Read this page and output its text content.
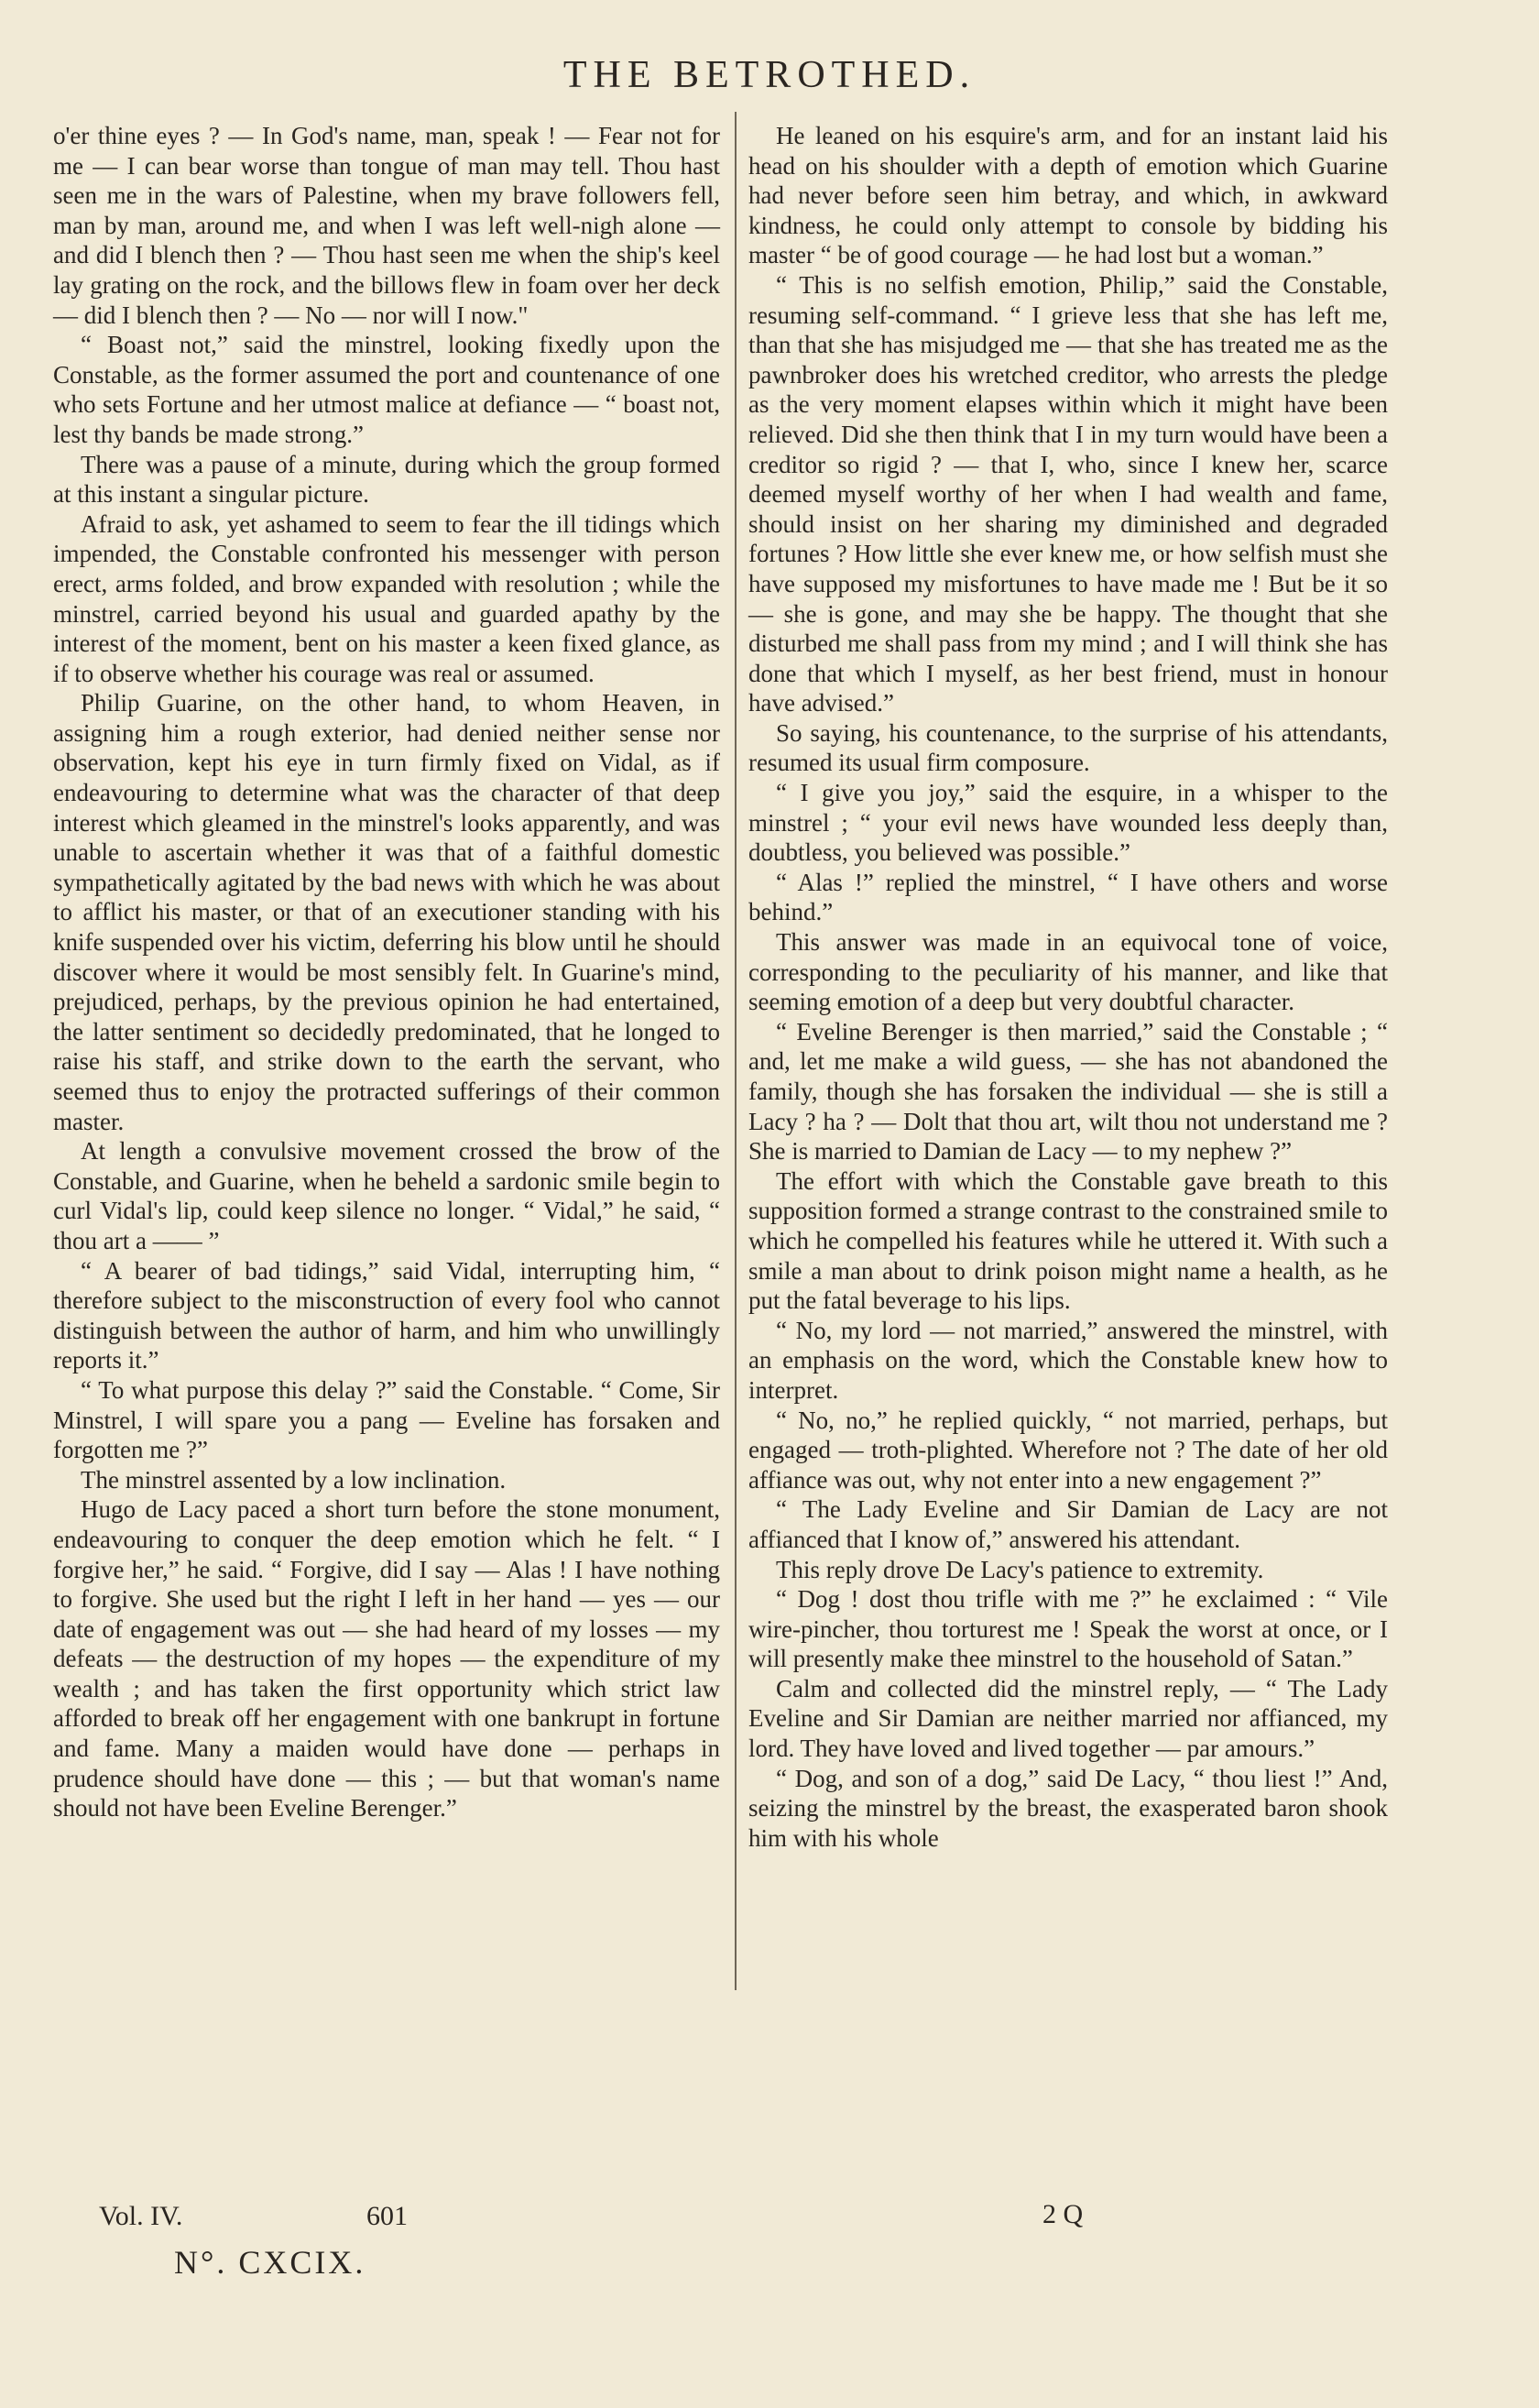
THE BETROTHED.

o'er thine eyes ? — In God's name, man, speak ! — Fear not for me — I can bear worse than tongue of man may tell. Thou hast seen me in the wars of Palestine, when my brave followers fell, man by man, around me, and when I was left well-nigh alone — and did I blench then ? — Thou hast seen me when the ship's keel lay grating on the rock, and the billows flew in foam over her deck — did I blench then ? — No — nor will I now."

“ Boast not,” said the minstrel, looking fixedly upon the Constable, as the former assumed the port and countenance of one who sets Fortune and her utmost malice at defiance — “ boast not, lest thy bands be made strong.”

There was a pause of a minute, during which the group formed at this instant a singular picture.

Afraid to ask, yet ashamed to seem to fear the ill tidings which impended, the Constable confronted his messenger with person erect, arms folded, and brow expanded with resolution ; while the minstrel, carried beyond his usual and guarded apathy by the interest of the moment, bent on his master a keen fixed glance, as if to observe whether his courage was real or assumed.

Philip Guarine, on the other hand, to whom Heaven, in assigning him a rough exterior, had denied neither sense nor observation, kept his eye in turn firmly fixed on Vidal, as if endeavouring to determine what was the character of that deep interest which gleamed in the minstrel's looks apparently, and was unable to ascertain whether it was that of a faithful domestic sympathetically agitated by the bad news with which he was about to afflict his master, or that of an executioner standing with his knife suspended over his victim, deferring his blow until he should discover where it would be most sensibly felt. In Guarine's mind, prejudiced, perhaps, by the previous opinion he had entertained, the latter sentiment so decidedly predominated, that he longed to raise his staff, and strike down to the earth the servant, who seemed thus to enjoy the protracted sufferings of their common master.

At length a convulsive movement crossed the brow of the Constable, and Guarine, when he beheld a sardonic smile begin to curl Vidal's lip, could keep silence no longer. “ Vidal,” he said, “ thou art a —— ”

“ A bearer of bad tidings,” said Vidal, interrupting him, “ therefore subject to the misconstruction of every fool who cannot distinguish between the author of harm, and him who unwillingly reports it.”

“ To what purpose this delay ?” said the Constable. “ Come, Sir Minstrel, I will spare you a pang — Eveline has forsaken and forgotten me ?”

The minstrel assented by a low inclination.

Hugo de Lacy paced a short turn before the stone monument, endeavouring to conquer the deep emotion which he felt. “ I forgive her,” he said. “ Forgive, did I say — Alas ! I have nothing to forgive. She used but the right I left in her hand — yes — our date of engagement was out — she had heard of my losses — my defeats — the destruction of my hopes — the expenditure of my wealth ; and has taken the first opportunity which strict law afforded to break off her engagement with one bankrupt in fortune and fame. Many a maiden would have done — perhaps in prudence should have done — this ; — but that woman's name should not have been Eveline Berenger.”

He leaned on his esquire's arm, and for an instant laid his head on his shoulder with a depth of emotion which Guarine had never before seen him betray, and which, in awkward kindness, he could only attempt to console by bidding his master “ be of good courage — he had lost but a woman.”

“ This is no selfish emotion, Philip,” said the Constable, resuming self-command. “ I grieve less that she has left me, than that she has misjudged me — that she has treated me as the pawnbroker does his wretched creditor, who arrests the pledge as the very moment elapses within which it might have been relieved. Did she then think that I in my turn would have been a creditor so rigid ? — that I, who, since I knew her, scarce deemed myself worthy of her when I had wealth and fame, should insist on her sharing my diminished and degraded fortunes ? How little she ever knew me, or how selfish must she have supposed my misfortunes to have made me ! But be it so — she is gone, and may she be happy. The thought that she disturbed me shall pass from my mind ; and I will think she has done that which I myself, as her best friend, must in honour have advised.”

So saying, his countenance, to the surprise of his attendants, resumed its usual firm composure.

“ I give you joy,” said the esquire, in a whisper to the minstrel ; “ your evil news have wounded less deeply than, doubtless, you believed was possible.”

“ Alas !” replied the minstrel, “ I have others and worse behind.”

This answer was made in an equivocal tone of voice, corresponding to the peculiarity of his manner, and like that seeming emotion of a deep but very doubtful character.

“ Eveline Berenger is then married,” said the Constable ; “ and, let me make a wild guess, — she has not abandoned the family, though she has forsaken the individual — she is still a Lacy ? ha ? — Dolt that thou art, wilt thou not understand me ? She is married to Damian de Lacy — to my nephew ?”

The effort with which the Constable gave breath to this supposition formed a strange contrast to the constrained smile to which he compelled his features while he uttered it. With such a smile a man about to drink poison might name a health, as he put the fatal beverage to his lips.

“ No, my lord — not married,” answered the minstrel, with an emphasis on the word, which the Constable knew how to interpret.

“ No, no,” he replied quickly, “ not married, perhaps, but engaged — troth-plighted. Wherefore not ? The date of her old affiance was out, why not enter into a new engagement ?”

“ The Lady Eveline and Sir Damian de Lacy are not affianced that I know of,” answered his attendant.

This reply drove De Lacy's patience to extremity.

“ Dog ! dost thou trifle with me ?” he exclaimed : “ Vile wire-pincher, thou torturest me ! Speak the worst at once, or I will presently make thee minstrel to the household of Satan.”

Calm and collected did the minstrel reply, — “ The Lady Eveline and Sir Damian are neither married nor affianced, my lord. They have loved and lived together — par amours.”

“ Dog, and son of a dog,” said De Lacy, “ thou liest !” And, seizing the minstrel by the breast, the exasperated baron shook him with his whole

Vol. IV.	601	2 Q
N°. CXCIX.
